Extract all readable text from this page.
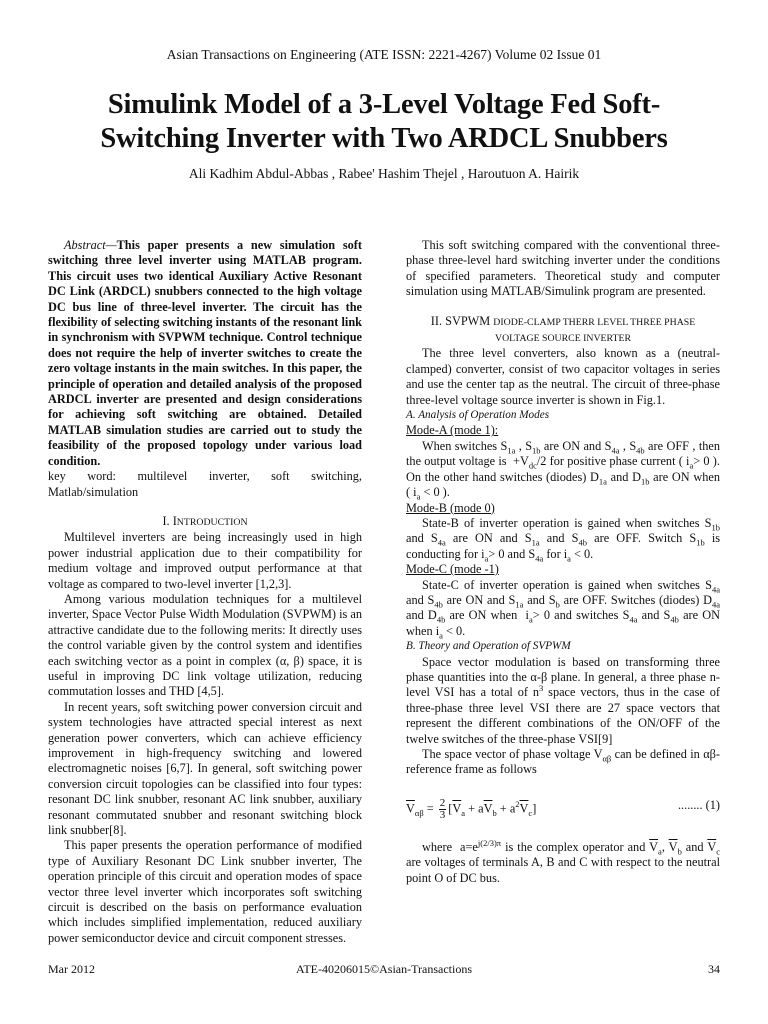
Asian Transactions on Engineering (ATE ISSN: 2221-4267) Volume 02 Issue 01
Simulink Model of a 3-Level Voltage Fed Soft-
Switching Inverter with Two ARDCL Snubbers
Ali Kadhim Abdul-Abbas , Rabee' Hashim Thejel , Haroutuon A. Hairik

Abstract—This paper presents a new simulation soft switching three level inverter using MATLAB program. This circuit uses two identical Auxiliary Active Resonant DC Link (ARDCL) snubbers connected to the high voltage DC bus line of three-level inverter. The circuit has the flexibility of selecting switching instants of the resonant link in synchronism with SVPWM technique. Control technique does not require the help of inverter switches to create the zero voltage instants in the main switches. In this paper, the principle of operation and detailed analysis of the proposed ARDCL inverter are presented and design considerations for achieving soft switching are obtained. Detailed MATLAB simulation studies are carried out to study the feasibility of the proposed topology under various load condition.

key word: multilevel inverter, soft switching, Matlab/simulation

I. INTRODUCTION

Multilevel inverters are being increasingly used in high power industrial application due to their compatibility for medium voltage and improved output performance at that voltage as compared to two-level inverter [1,2,3].

Among various modulation techniques for a multilevel inverter, Space Vector Pulse Width Modulation (SVPWM) is an attractive candidate due to the following merits: It directly uses the control variable given by the control system and identifies each switching vector as a point in complex (α, β) space, it is useful in improving DC link voltage utilization, reducing commutation losses and THD [4,5].

In recent years, soft switching power conversion circuit and system technologies have attracted special interest as next generation power converters, which can achieve efficiency improvement in high-frequency switching and lowered electromagnetic noises [6,7]. In general, soft switching power conversion circuit topologies can be classified into four types: resonant DC link snubber, resonant AC link snubber, auxiliary resonant commutated snubber and resonant switching block link snubber[8].

This paper presents the operation performance of modified type of Auxiliary Resonant DC Link snubber inverter, The operation principle of this circuit and operation modes of space vector three level inverter which incorporates soft switching circuit is described on the basis on performance evaluation which includes simplified implementation, reduced auxiliary power semiconductor device and circuit component stresses.

This soft switching compared with the conventional three-phase three-level hard switching inverter under the conditions of specified parameters. Theoretical study and computer simulation using MATLAB/Simulink program are presented.

II. SVPWM DIODE-CLAMP THERR LEVEL THREE PHASE
VOLTAGE SOURCE INVERTER

The three level converters, also known as a (neutral-clamped) converter, consist of two capacitor voltages in series and use the center tap as the neutral. The circuit of three-phase three-level voltage source inverter is shown in Fig.1.

A. Analysis of Operation Modes

Mode-A (mode 1):

When switches $S_{1a}$ , $S_{1b}$ are ON and $S_{4a}$ , $S_{4b}$ are OFF , then the output voltage is  $+V_{dc}/2$ for positive phase current ( $i_a> 0$ ). On the other hand switches (diodes) $D_{1a}$ and $D_{1b}$ are ON when ( $i_a < 0$ ).

Mode-B (mode 0)

State-B of inverter operation is gained when switches $S_{1b}$ and $S_{4a}$ are ON and $S_{1a}$ and $S_{4b}$ are OFF. Switch $S_{1b}$ is conducting for $i_a> 0$ and $S_{4a}$ for $i_a < 0$.

Mode-C (mode -1)

State-C of inverter operation is gained when switches $S_{4a}$ and $S_{4b}$ are ON and $S_{1a}$ and $S_b$ are OFF. Switches (diodes) $D_{4a}$ and $D_{4b}$ are ON when  $i_a> 0$ and switches $S_{4a}$ and $S_{4b}$ are ON when $i_a < 0$.

B. Theory and Operation of SVPWM

Space vector modulation is based on transforming three phase quantities into the α-β plane. In general, a three phase n-level VSI has a total of $n^3$ space vectors, thus in the case of three-phase three level VSI there are 27 space vectors that represent the different combinations of the ON/OFF of the twelve switches of the three-phase VSI[9]

The space vector of phase voltage $V_{\alpha\beta}$ can be defined in αβ-reference frame as follows

$\overline{V}_{\alpha\beta} = \frac{2}{3} [\overline{V}_a + a\overline{V}_b + a^2\overline{V}_c]$	........ (1)

where  $a=e^{j(2/3)\pi}$ is the complex operator and $\overline{V}_a$, $\overline{V}_b$ and $\overline{V}_c$ are voltages of terminals A, B and C with respect to the neutral point O of DC bus.

Mar 2012	ATE-40206015©Asian-Transactions	34
